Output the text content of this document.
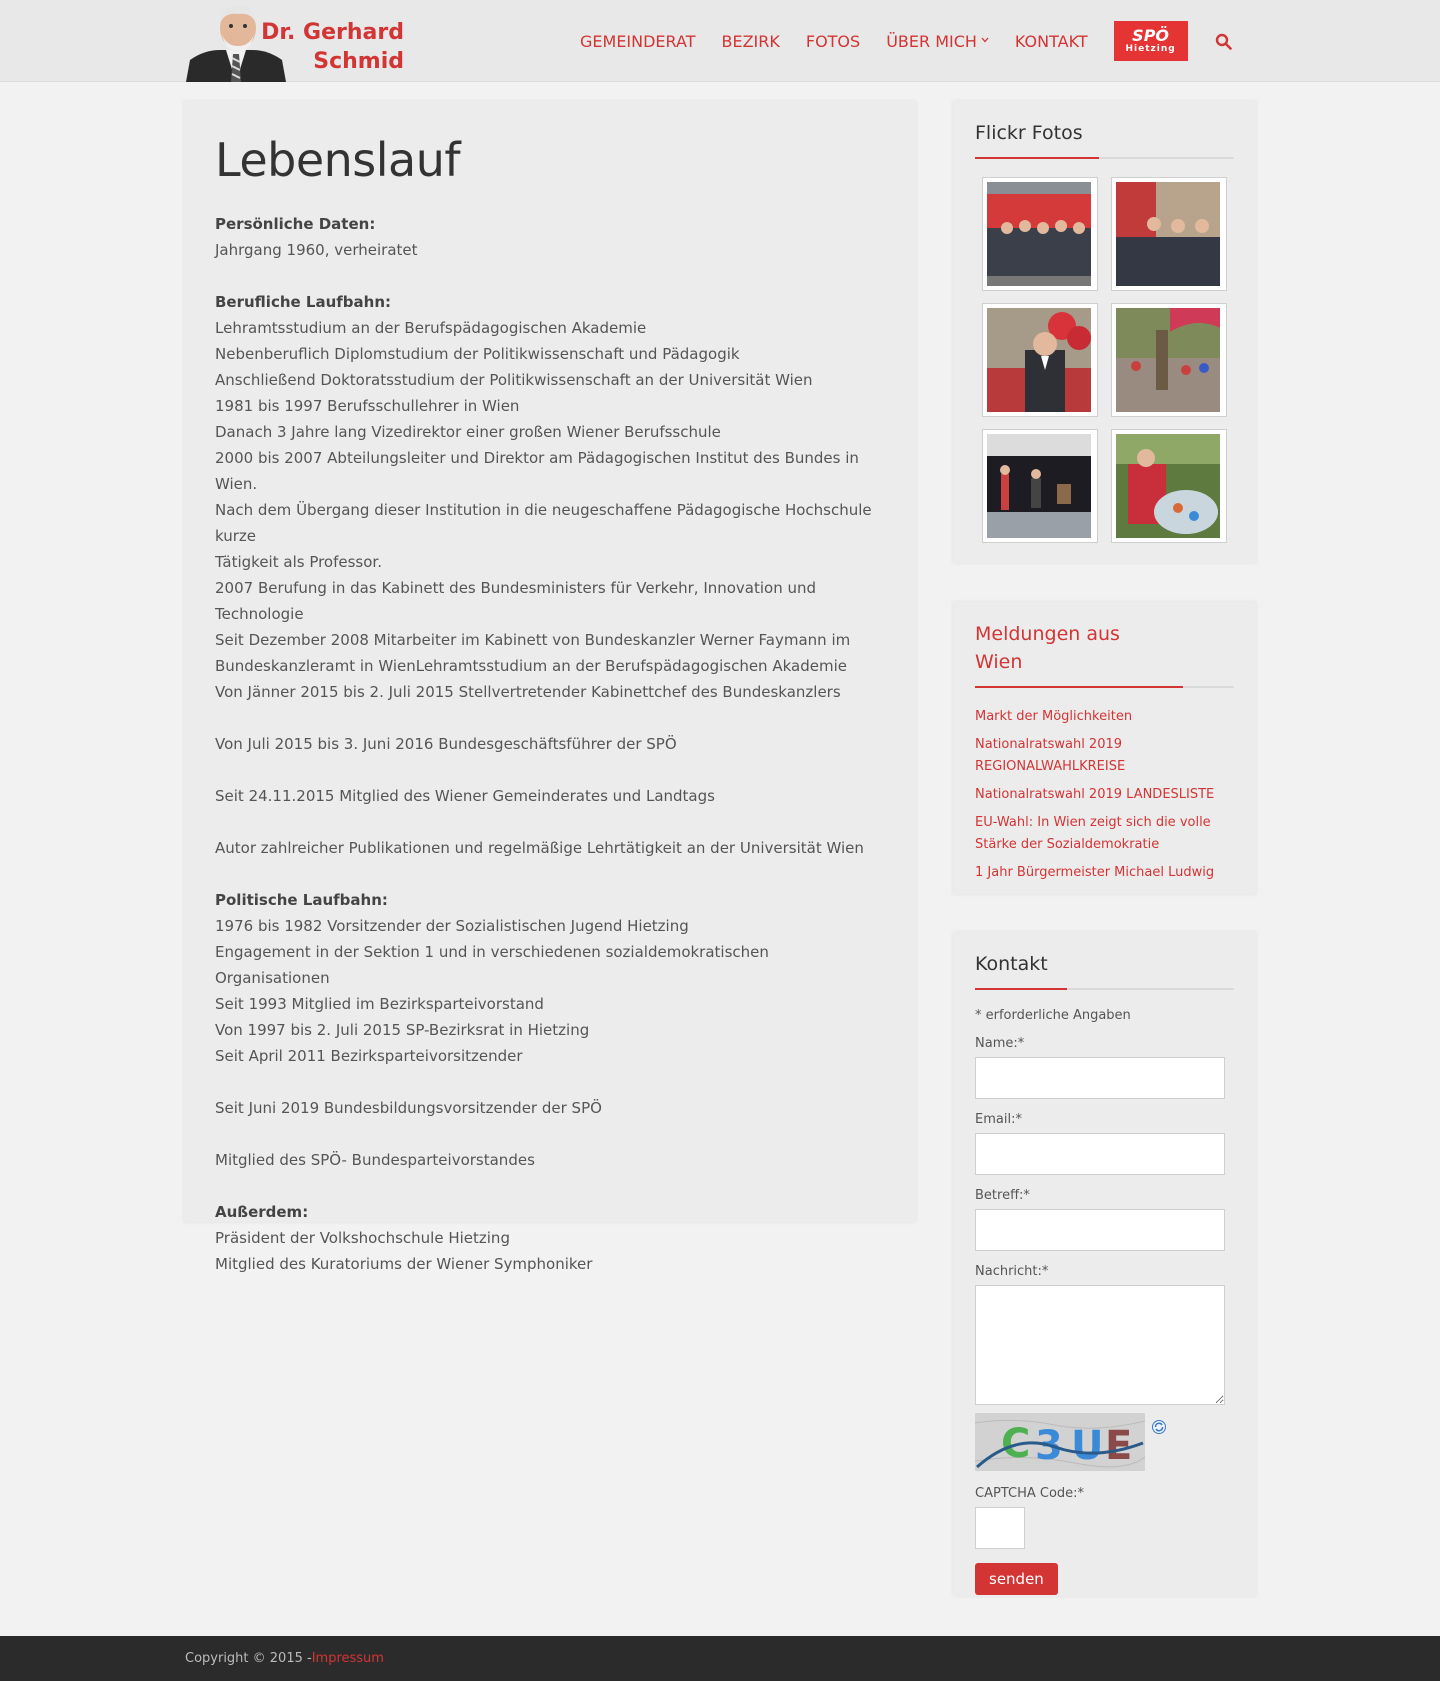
Dr. Gerhard
Schmid
GEMEINDERAT BEZIRK FOTOS ÜBER MICH KONTAKT	SPÖ
Hietzing
Lebenslauf
Persönliche Daten:
Jahrgang 1960, verheiratet
Berufliche Laufbahn:
Lehramtsstudium an der Berufspädagogischen Akademie
Nebenberuflich Diplomstudium der Politikwissenschaft und Pädagogik
Anschließend Doktoratsstudium der Politikwissenschaft an der Universität Wien
1981 bis 1997 Berufsschullehrer in Wien
Danach 3 Jahre lang Vizedirektor einer großen Wiener Berufsschule
2000 bis 2007 Abteilungsleiter und Direktor am Pädagogischen Institut des Bundes in Wien.
Nach dem Übergang dieser Institution in die neugeschaffene Pädagogische Hochschule kurze
Tätigkeit als Professor.
2007 Berufung in das Kabinett des Bundesministers für Verkehr, Innovation und Technologie
Seit Dezember 2008 Mitarbeiter im Kabinett von Bundeskanzler Werner Faymann im
Bundeskanzleramt in WienLehramtsstudium an der Berufspädagogischen Akademie
Von Jänner 2015 bis 2. Juli 2015 Stellvertretender Kabinettchef des Bundeskanzlers
Von Juli 2015 bis 3. Juni 2016 Bundesgeschäftsführer der SPÖ
Seit 24.11.2015 Mitglied des Wiener Gemeinderates und Landtags
Autor zahlreicher Publikationen und regelmäßige Lehrtätigkeit an der Universität Wien
Politische Laufbahn:
1976 bis 1982 Vorsitzender der Sozialistischen Jugend Hietzing
Engagement in der Sektion 1 und in verschiedenen sozialdemokratischen Organisationen
Seit 1993 Mitglied im Bezirksparteivorstand
Von 1997 bis 2. Juli 2015 SP-Bezirksrat in Hietzing
Seit April 2011 Bezirksparteivorsitzender
Seit Juni 2019 Bundesbildungsvorsitzender der SPÖ
Mitglied des SPÖ- Bundesparteivorstandes
Außerdem:
Präsident der Volkshochschule Hietzing
Mitglied des Kuratoriums der Wiener Symphoniker
Flickr Fotos
Meldungen aus
Wien
Markt der Möglichkeiten
Nationalratswahl 2019 REGIONALWAHLKREISE
Nationalratswahl 2019 LANDESLISTE
EU-Wahl: In Wien zeigt sich die volle Stärke der Sozialdemokratie
1 Jahr Bürgermeister Michael Ludwig
Kontakt
* erforderliche Angaben
Name:*
Email:*
Betreff:*
Nachricht:*
C 3 U E
CAPTCHA Code:*
senden
Copyright © 2015 - Impressum
